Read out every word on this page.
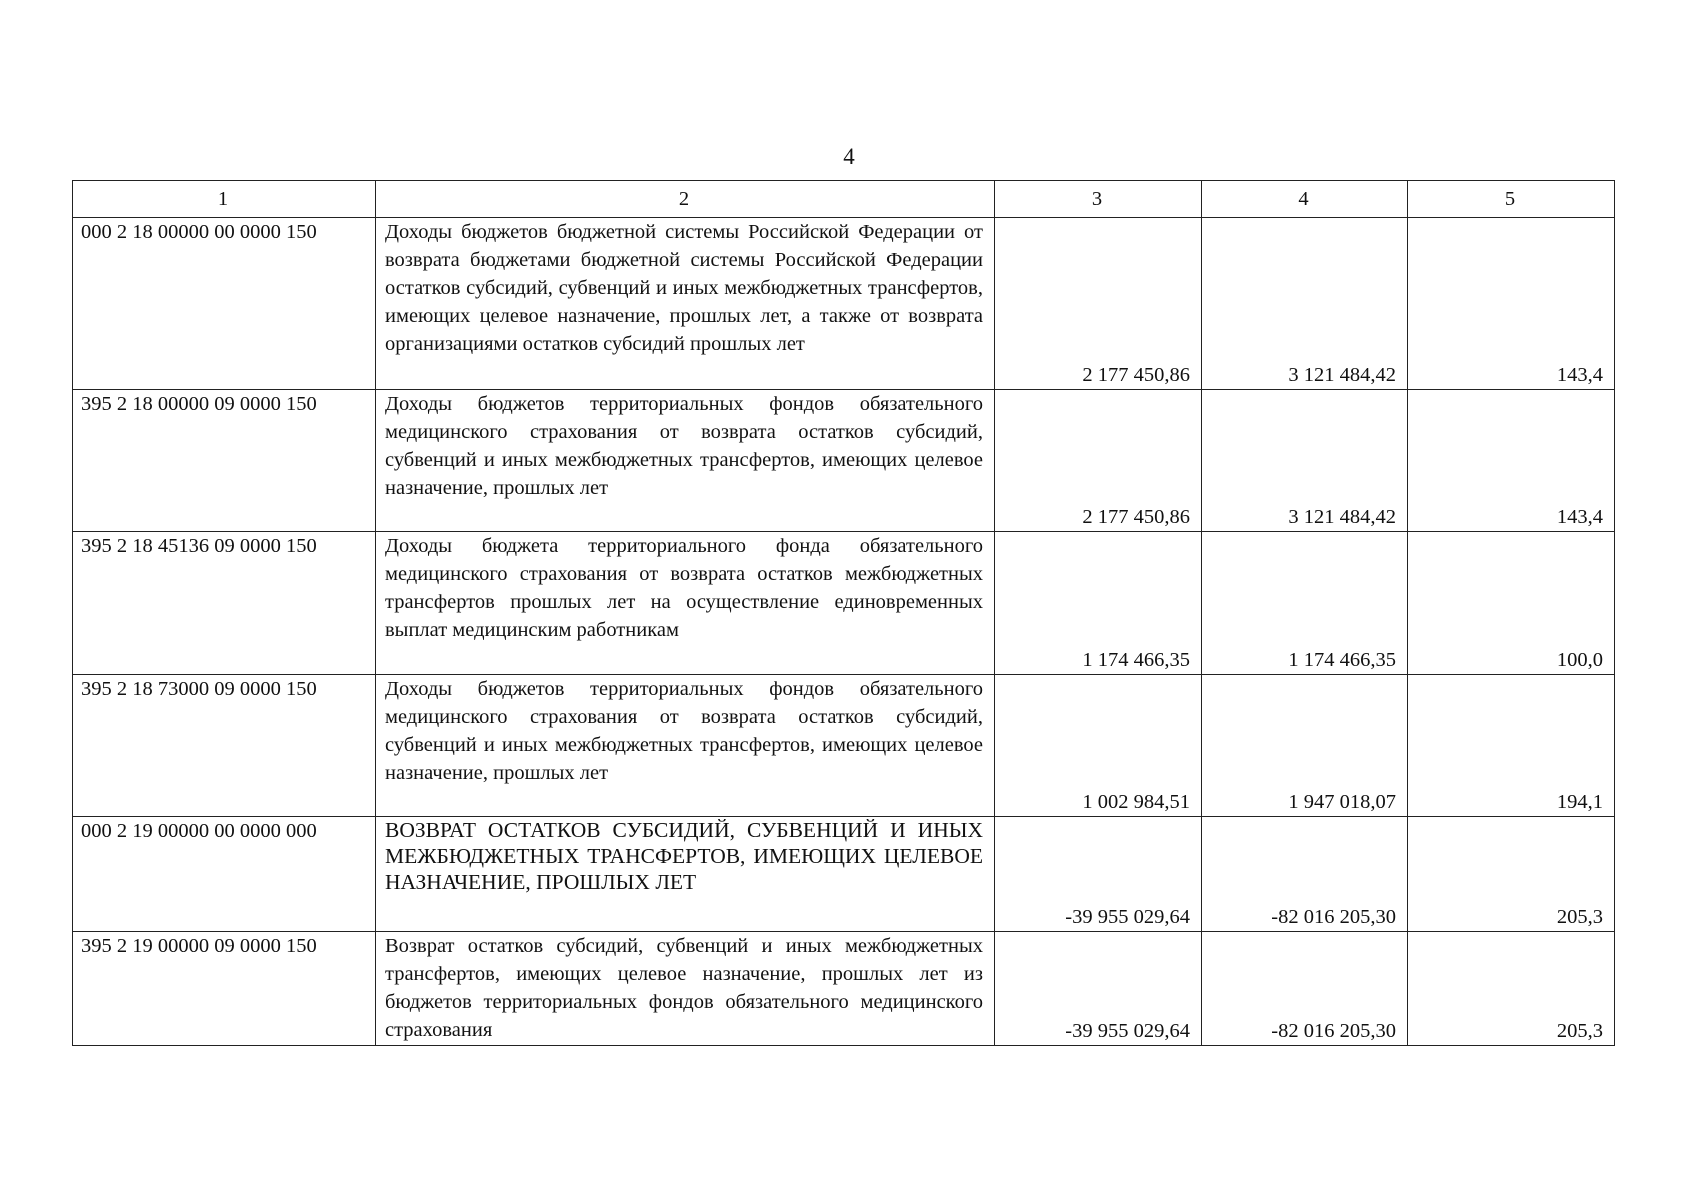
4
1	2	3	4	5
000 2 18 00000 00 0000 150	Доходы бюджетов бюджетной системы Российской Федерации от возврата бюджетами бюджетной системы Российской Федерации остатков субсидий, субвенций и иных межбюджетных трансфертов, имеющих целевое назначение, прошлых лет, а также от возврата организациями остатков субсидий прошлых лет	2 177 450,86	3 121 484,42	143,4
395 2 18 00000 09 0000 150	Доходы бюджетов территориальных фондов обязательного медицинского страхования от возврата остатков субсидий, субвенций и иных межбюджетных трансфертов, имеющих целевое назначение, прошлых лет	2 177 450,86	3 121 484,42	143,4
395 2 18 45136 09 0000 150	Доходы бюджета территориального фонда обязательного медицинского страхования от возврата остатков межбюджетных трансфертов прошлых лет на осуществление единовременных выплат медицинским работникам	1 174 466,35	1 174 466,35	100,0
395 2 18 73000 09 0000 150	Доходы бюджетов территориальных фондов обязательного медицинского страхования от возврата остатков субсидий, субвенций и иных межбюджетных трансфертов, имеющих целевое назначение, прошлых лет	1 002 984,51	1 947 018,07	194,1
000 2 19 00000 00 0000 000	ВОЗВРАТ ОСТАТКОВ СУБСИДИЙ, СУБВЕНЦИЙ И ИНЫХ МЕЖБЮДЖЕТНЫХ ТРАНСФЕРТОВ, ИМЕЮЩИХ ЦЕЛЕВОЕ НАЗНАЧЕНИЕ, ПРОШЛЫХ ЛЕТ	-39 955 029,64	-82 016 205,30	205,3
395 2 19 00000 09 0000 150	Возврат остатков субсидий, субвенций и иных межбюджетных трансфертов, имеющих целевое назначение, прошлых лет из бюджетов территориальных фондов обязательного медицинского страхования	-39 955 029,64	-82 016 205,30	205,3
